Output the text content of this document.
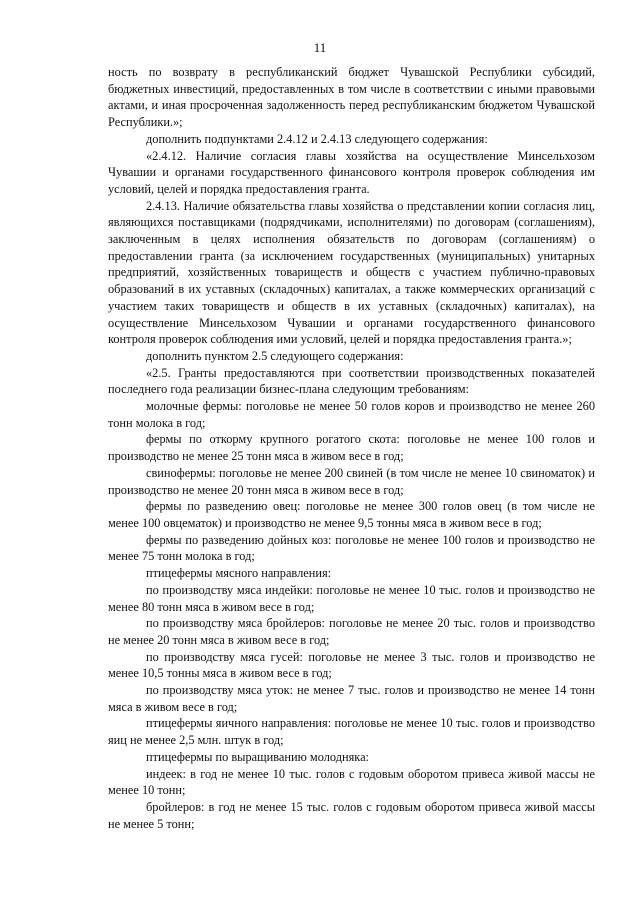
11

ность по возврату в республиканский бюджет Чувашской Республики субсидий, бюджетных инвестиций, предоставленных в том числе в соответствии с иными правовыми актами, и иная просроченная задолженность перед республиканским бюджетом Чувашской Республики.»;

дополнить подпунктами 2.4.12 и 2.4.13 следующего содержания:

«2.4.12. Наличие согласия главы хозяйства на осуществление Минсельхозом Чувашии и органами государственного финансового контроля проверок соблюдения им условий, целей и порядка предоставления гранта.

2.4.13. Наличие обязательства главы хозяйства о представлении копии согласия лиц, являющихся поставщиками (подрядчиками, исполнителями) по договорам (соглашениям), заключенным в целях исполнения обязательств по договорам (соглашениям) о предоставлении гранта (за исключением государственных (муниципальных) унитарных предприятий, хозяйственных товариществ и обществ с участием публично-правовых образований в их уставных (складочных) капиталах, а также коммерческих организаций с участием таких товариществ и обществ в их уставных (складочных) капиталах), на осуществление Минсельхозом Чувашии и органами государственного финансового контроля проверок соблюдения ими условий, целей и порядка предоставления гранта.»;

дополнить пунктом 2.5 следующего содержания:

«2.5. Гранты предоставляются при соответствии производственных показателей последнего года реализации бизнес-плана следующим требованиям:

молочные фермы: поголовье не менее 50 голов коров и производство не менее 260 тонн молока в год;

фермы по откорму крупного рогатого скота: поголовье не менее 100 голов и производство не менее 25 тонн мяса в живом весе в год;

свинофермы: поголовье не менее 200 свиней (в том числе не менее 10 свиноматок) и производство не менее 20 тонн мяса в живом весе в год;

фермы по разведению овец: поголовье не менее 300 голов овец (в том числе не менее 100 овцематок) и производство не менее 9,5 тонны мяса в живом весе в год;

фермы по разведению дойных коз: поголовье не менее 100 голов и производство не менее 75 тонн молока в год;

птицефермы мясного направления:

по производству мяса индейки: поголовье не менее 10 тыс. голов и производство не менее 80 тонн мяса в живом весе в год;

по производству мяса бройлеров: поголовье не менее 20 тыс. голов и производство не менее 20 тонн мяса в живом весе в год;

по производству мяса гусей: поголовье не менее 3 тыс. голов и производство не менее 10,5 тонны мяса в живом весе в год;

по производству мяса уток: не менее 7 тыс. голов и производство не менее 14 тонн мяса в живом весе в год;

птицефермы яичного направления: поголовье не менее 10 тыс. голов и производство яиц не менее 2,5 млн. штук в год;

птицефермы по выращиванию молодняка:

индеек: в год не менее 10 тыс. голов с годовым оборотом привеса живой массы не менее 10 тонн;

бройлеров: в год не менее 15 тыс. голов с годовым оборотом привеса живой массы не менее 5 тонн;
